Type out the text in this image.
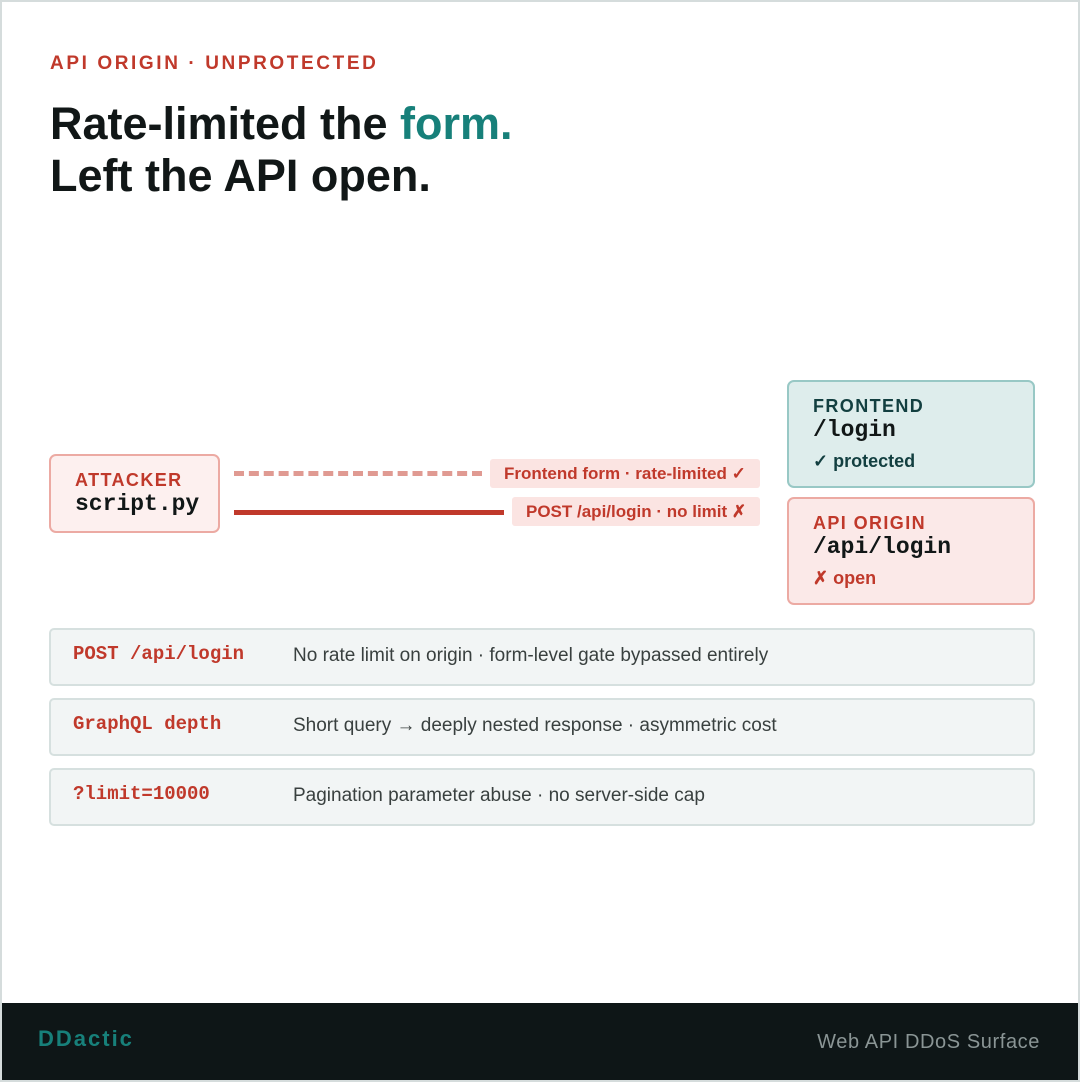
API ORIGIN · UNPROTECTED
Rate-limited the form.
Left the API open.
ATTACKER
script.py
Frontend form · rate-limited ✓
POST /api/login · no limit ✗
FRONTEND
/login
✓ protected
API ORIGIN
/api/login
✗ open
POST /api/login	No rate limit on origin · form-level gate bypassed entirely
GraphQL depth	Short query → deeply nested response · asymmetric cost
?limit=10000	Pagination parameter abuse · no server-side cap
DDactic	Web API DDoS Surface
